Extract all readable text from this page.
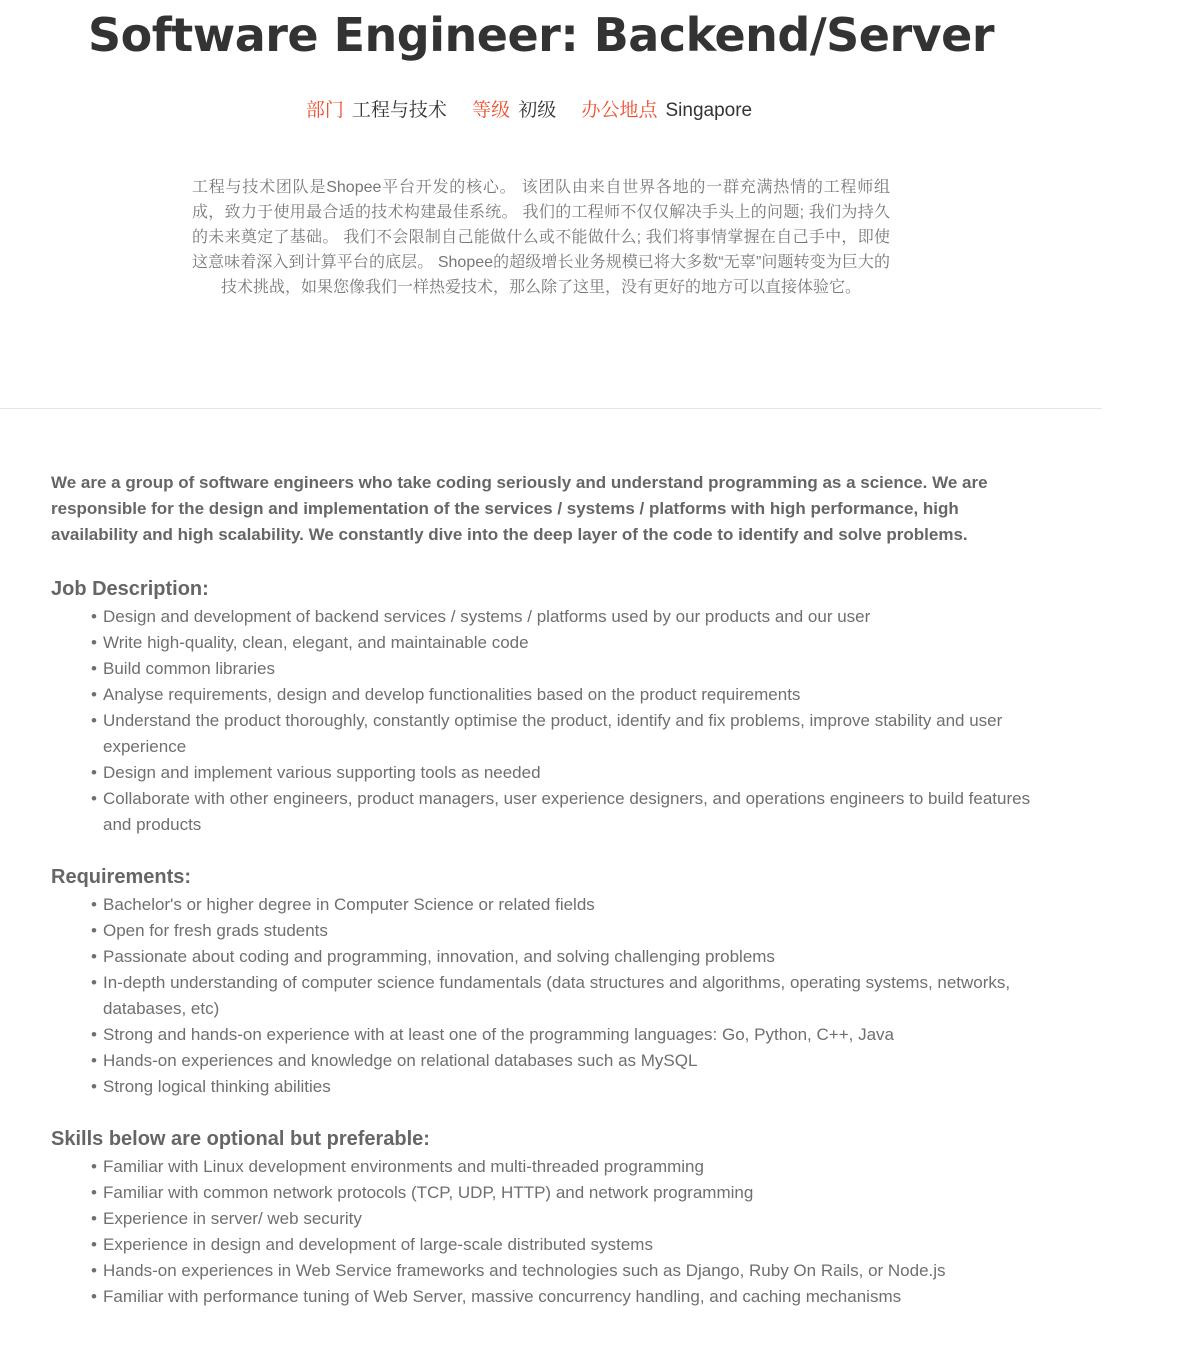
Software Engineer: Backend/Server
部门 工程与技术 等级 初级 办公地点 Singapore

工程与技术团队是Shopee平台开发的核心。 该团队由来自世界各地的一群充满热情的工程师组成，致力于使用最合适的技术构建最佳系统。 我们的工程师不仅仅解决手头上的问题; 我们为持久的未来奠定了基础。 我们不会限制自己能做什么或不能做什么; 我们将事情掌握在自己手中，即使这意味着深入到计算平台的底层。 Shopee的超级增长业务规模已将大多数“无辜”问题转变为巨大的技术挑战，如果您像我们一样热爱技术，那么除了这里，没有更好的地方可以直接体验它。

We are a group of software engineers who take coding seriously and understand programming as a science. We are responsible for the design and implementation of the services / systems / platforms with high performance, high availability and high scalability. We constantly dive into the deep layer of the code to identify and solve problems.

Job Description:
• Design and development of backend services / systems / platforms used by our products and our user
• Write high-quality, clean, elegant, and maintainable code
• Build common libraries
• Analyse requirements, design and develop functionalities based on the product requirements
• Understand the product thoroughly, constantly optimise the product, identify and fix problems, improve stability and user experience
• Design and implement various supporting tools as needed
• Collaborate with other engineers, product managers, user experience designers, and operations engineers to build features and products
Requirements:
• Bachelor's or higher degree in Computer Science or related fields
• Open for fresh grads students
• Passionate about coding and programming, innovation, and solving challenging problems
• In-depth understanding of computer science fundamentals (data structures and algorithms, operating systems, networks, databases, etc)
• Strong and hands-on experience with at least one of the programming languages: Go, Python, C++, Java
• Hands-on experiences and knowledge on relational databases such as MySQL
• Strong logical thinking abilities
Skills below are optional but preferable:
• Familiar with Linux development environments and multi-threaded programming
• Familiar with common network protocols (TCP, UDP, HTTP) and network programming
• Experience in server/ web security
• Experience in design and development of large-scale distributed systems
• Hands-on experiences in Web Service frameworks and technologies such as Django, Ruby On Rails, or Node.js
• Familiar with performance tuning of Web Server, massive concurrency handling, and caching mechanisms
